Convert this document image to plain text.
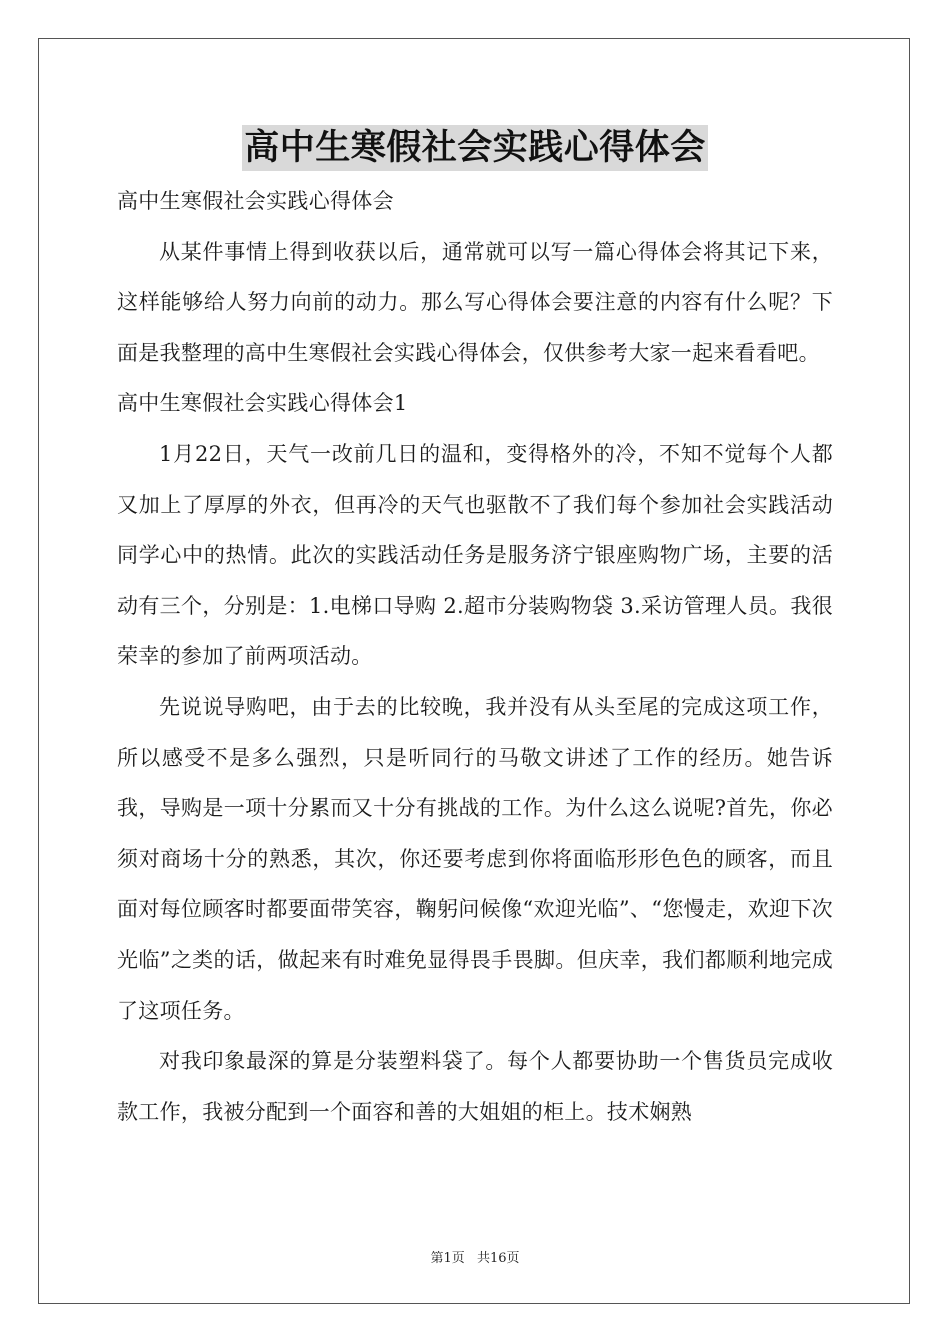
高中生寒假社会实践心得体会

高中生寒假社会实践心得体会

从某件事情上得到收获以后，通常就可以写一篇心得体会将其记下来，这样能够给人努力向前的动力。那么写心得体会要注意的内容有什么呢？下面是我整理的高中生寒假社会实践心得体会，仅供参考大家一起来看看吧。

高中生寒假社会实践心得体会1

1月22日，天气一改前几日的温和，变得格外的冷，不知不觉每个人都又加上了厚厚的外衣，但再冷的天气也驱散不了我们每个参加社会实践活动同学心中的热情。此次的实践活动任务是服务济宁银座购物广场，主要的活动有三个，分别是：1.电梯口导购 2.超市分装购物袋 3.采访管理人员。我很荣幸的参加了前两项活动。

先说说导购吧，由于去的比较晚，我并没有从头至尾的完成这项工作，所以感受不是多么强烈，只是听同行的马敬文讲述了工作的经历。她告诉我，导购是一项十分累而又十分有挑战的工作。为什么这么说呢?首先，你必须对商场十分的熟悉，其次，你还要考虑到你将面临形形色色的顾客，而且面对每位顾客时都要面带笑容，鞠躬问候像“欢迎光临”、“您慢走，欢迎下次光临”之类的话，做起来有时难免显得畏手畏脚。但庆幸，我们都顺利地完成了这项任务。

对我印象最深的算是分装塑料袋了。每个人都要协助一个售货员完成收款工作，我被分配到一个面容和善的大姐姐的柜上。技术娴熟

第1页 共16页
